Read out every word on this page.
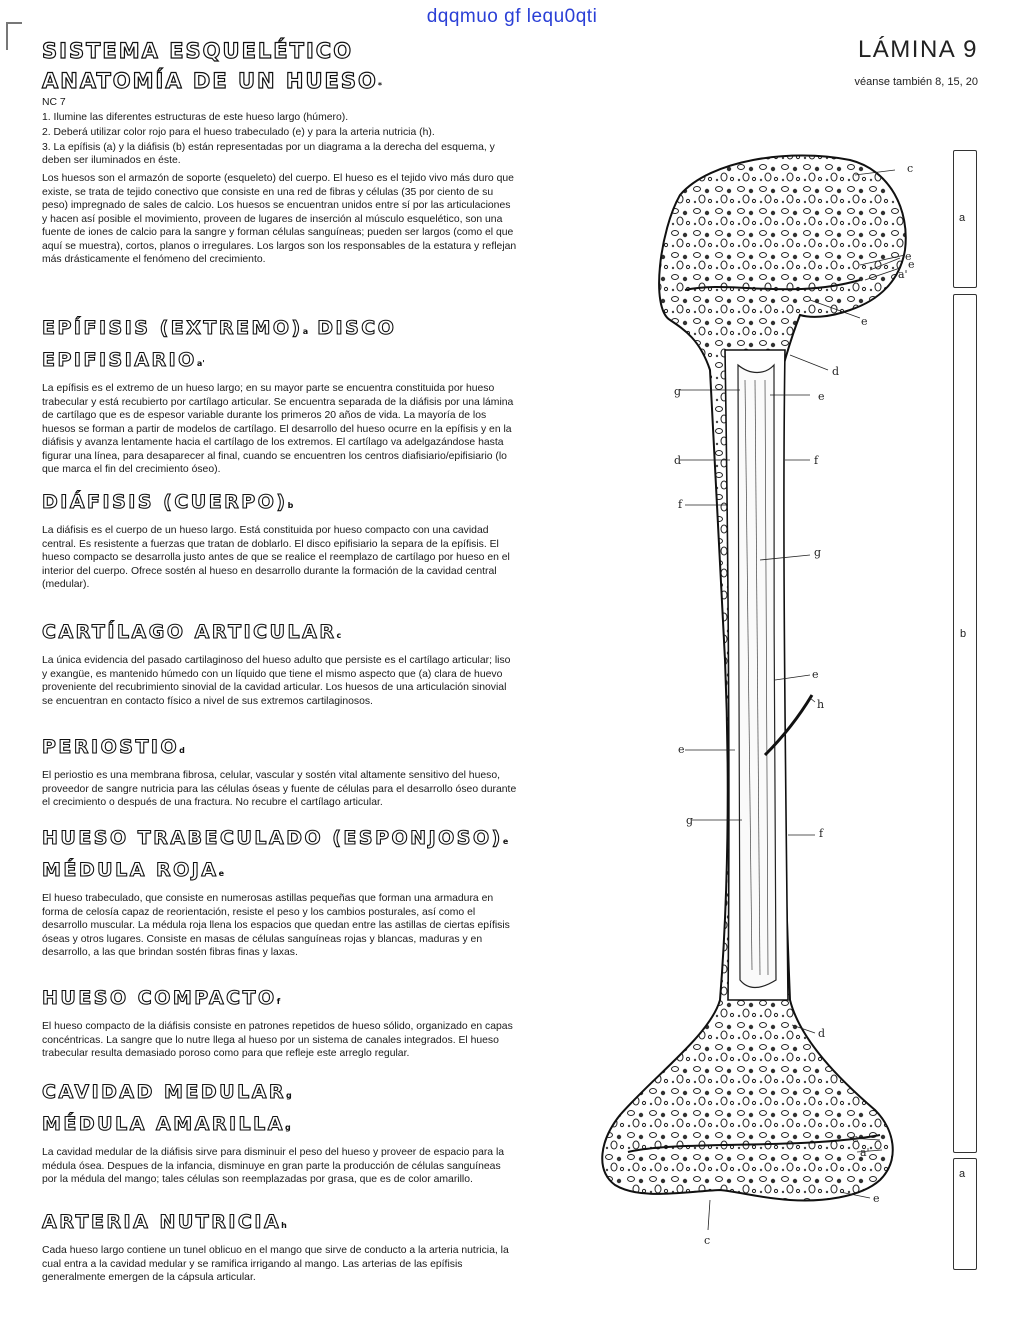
dqqmuo gf lequ0qti
LÁMINA 9
véanse también 8, 15, 20
SISTEMA ESQUELÉTICO
ANATOMÍA DE UN HUESO*

NC 7

1. Ilumine las diferentes estructuras de este hueso largo (húmero).

2. Deberá utilizar color rojo para el hueso trabeculado (e) y para la arteria nutricia (h).

3. La epífisis (a) y la diáfisis (b) están representadas por un diagrama a la derecha del esquema, y deben ser iluminados en éste.

Los huesos son el armazón de soporte (esqueleto) del cuerpo. El hueso es el tejido vivo más duro que existe, se trata de tejido conectivo que consiste en una red de fibras y células (35 por ciento de su peso) impregnado de sales de calcio. Los huesos se encuentran unidos entre sí por las articulaciones y hacen así posible el movimiento, proveen de lugares de inserción al músculo esquelético, son una fuente de iones de calcio para la sangre y forman células sanguíneas; pueden ser largos (como el que aquí se muestra), cortos, planos o irregulares. Los largos son los responsables de la estatura y reflejan más drásticamente el fenómeno del crecimiento.

EPÍFISIS (EXTREMO)a DISCO EPIFISIARIOa'

La epífisis es el extremo de un hueso largo; en su mayor parte se encuentra constituida por hueso trabecular y está recubierto por cartílago articular. Se encuentra separada de la diáfisis por una lámina de cartílago que es de espesor variable durante los primeros 20 años de vida. La mayoría de los huesos se forman a partir de modelos de cartílago. El desarrollo del hueso ocurre en la epífisis y en la diáfisis y avanza lentamente hacia el cartílago de los extremos. El cartílago va adelgazándose hasta figurar una línea, para desaparecer al final, cuando se encuentren los centros diafisiario/epifisiario (lo que marca el fin del crecimiento óseo).

DIÁFISIS (CUERPO)b

La diáfisis es el cuerpo de un hueso largo. Está constituida por hueso compacto con una cavidad central. Es resistente a fuerzas que tratan de doblarlo. El disco epifisiario la separa de la epífisis. El hueso compacto se desarrolla justo antes de que se realice el reemplazo de cartílago por hueso en el interior del cuerpo. Ofrece sostén al hueso en desarrollo durante la formación de la cavidad central (medular).

CARTÍLAGO ARTICULARc

La única evidencia del pasado cartilaginoso del hueso adulto que persiste es el cartílago articular; liso y exangüe, es mantenido húmedo con un líquido que tiene el mismo aspecto que (a) clara de huevo proveniente del recubrimiento sinovial de la cavidad articular. Los huesos de una articulación sinovial se encuentran en contacto físico a nivel de sus extremos cartilaginosos.

PERIOSTIOd

El periostio es una membrana fibrosa, celular, vascular y sostén vital altamente sensitivo del hueso, proveedor de sangre nutricia para las células óseas y fuente de células para el desarrollo óseo durante el crecimiento o después de una fractura. No recubre el cartílago articular.

HUESO TRABECULADO (ESPONJOSO)e
MÉDULA ROJAe

El hueso trabeculado, que consiste en numerosas astillas pequeñas que forman una armadura en forma de celosía capaz de reorientación, resiste el peso y los cambios posturales, así como el desarrollo muscular. La médula roja llena los espacios que quedan entre las astillas de ciertas epífisis óseas y otros lugares. Consiste en masas de células sanguíneas rojas y blancas, maduras y en desarrollo, a las que brindan sostén fibras finas y laxas.

HUESO COMPACTOf

El hueso compacto de la diáfisis consiste en patrones repetidos de hueso sólido, organizado en capas concéntricas. La sangre que lo nutre llega al hueso por un sistema de canales integrados. El hueso trabecular resulta demasiado poroso como para que refleje este arreglo regular.

CAVIDAD MEDULARg
MÉDULA AMARILLAg

La cavidad medular de la diáfisis sirve para disminuir el peso del hueso y proveer de espacio para la médula ósea. Despues de la infancia, disminuye en gran parte la producción de células sanguíneas por la médula del mango; tales células son reemplazadas por grasa, que es de color amarillo.

ARTERIA NUTRICIAh

Cada hueso largo contiene un tunel oblicuo en el mango que sirve de conducto a la arteria nutricia, la cual entra a la cavidad medular y se ramifica irrigando al mango. Las arterias de las epífisis generalmente emergen de la cápsula articular.

c
e
a'
e
e
d
g	e
d	f
f
g
e
h
e
g
f
d
e
a'
e
c
a
b
a
